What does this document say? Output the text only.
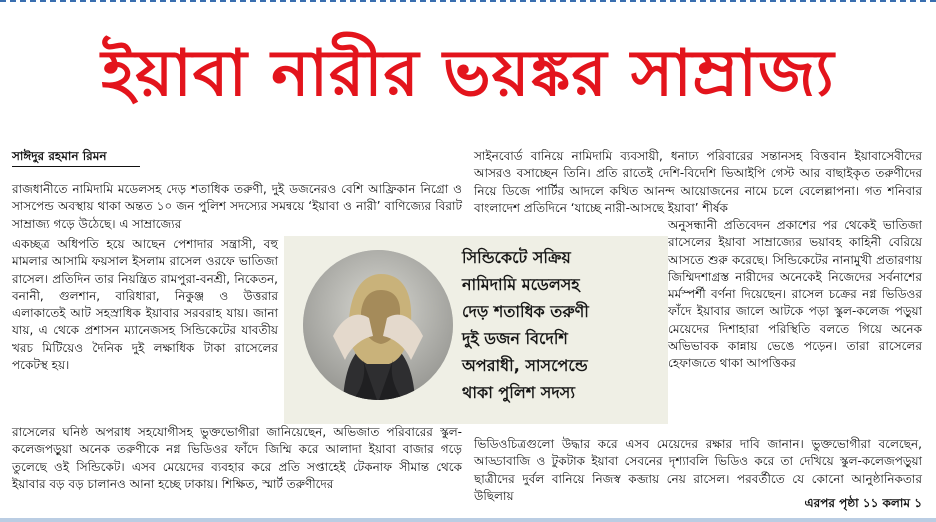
ইয়াবা নারীর ভয়ঙ্কর সাম্রাজ্য
সাঈদুর রহমান রিমন

রাজধানীতে নামিদামি মডেলসহ দেড় শতাধিক তরুণী, দুই ডজনেরও বেশি আফ্রিকান নিগ্রো ও সাসপেন্ড অবস্থায় থাকা অন্তত ১০ জন পুলিশ সদস্যের সমন্বয়ে ‘ইয়াবা ও নারী’ বাণিজ্যের বিরাট সাম্রাজ্য গড়ে উঠেছে। এ সাম্রাজ্যের

একচ্ছত্র অধিপতি হয়ে আছেন পেশাদার সন্ত্রাসী, বহু মামলার আসামি ফয়সাল ইসলাম রাসেল ওরফে ভাতিজা রাসেল। প্রতিদিন তার নিয়ন্ত্রিত রামপুরা-বনশ্রী, নিকেতন, বনানী, গুলশান, বারিধারা, নিকুঞ্জ ও উত্তরার এলাকাতেই আট সহস্রাধিক ইয়াবার সরবরাহ যায়। জানা যায়, এ থেকে প্রশাসন ম্যানেজসহ সিন্ডিকেটের যাবতীয় খরচ মিটিয়েও দৈনিক দুই লক্ষাধিক টাকা রাসেলের পকেটস্থ হয়।

রাসেলের ঘনিষ্ঠ অপরাধ সহযোগীসহ ভুক্তভোগীরা জানিয়েছেন, অভিজাত পরিবারের স্কুল-কলেজপড়ুয়া অনেক তরুণীকে নগ্ন ভিডিওর ফাঁদে জিম্মি করে আলাদা ইয়াবা বাজার গড়ে তুলেছে ওই সিন্ডিকেট। এসব মেয়েদের ব্যবহার করে প্রতি সপ্তাহেই টেকনাফ সীমান্ত থেকে ইয়াবার বড় বড় চালানও আনা হচ্ছে ঢাকায়। শিক্ষিত, স্মার্ট তরুণীদের

সাইনবোর্ড বানিয়ে নামিদামি ব্যবসায়ী, ধনাঢ্য পরিবারের সন্তানসহ বিত্তবান ইয়াবাসেবীদের আসরও বসাচ্ছেন তিনি। প্রতি রাতেই দেশি-বিদেশি ভিআইপি গেস্ট আর বাছাইকৃত তরুণীদের নিয়ে ডিজে পার্টির আদলে কথিত আনন্দ আয়োজনের নামে চলে বেলেল্লাপনা। গত শনিবার বাংলাদেশ প্রতিদিনে ‘যাচ্ছে নারী-আসছে ইয়াবা’ শীর্ষক

অনুসন্ধানী প্রতিবেদন প্রকাশের পর থেকেই ভাতিজা রাসেলের ইয়াবা সাম্রাজ্যের ভয়াবহ কাহিনী বেরিয়ে আসতে শুরু করেছে। সিন্ডিকেটের নানামুখী প্রতারণায় জিম্মিদশাগ্রস্ত নারীদের অনেকেই নিজেদের সর্বনাশের মর্মস্পর্শী বর্ণনা দিয়েছেন। রাসেল চক্রের নগ্ন ভিডিওর ফাঁদে ইয়াবার জালে আটকে পড়া স্কুল-কলেজ পড়ুয়া মেয়েদের দিশাহারা পরিস্থিতি বলতে গিয়ে অনেক অভিভাবক কান্নায় ভেঙে পড়েন। তারা রাসেলের হেফাজতে থাকা আপত্তিকর

ভিডিওচিত্রগুলো উদ্ধার করে এসব মেয়েদের রক্ষার দাবি জানান। ভুক্তভোগীরা বলেছেন, আড্ডাবাজি ও টুকটাক ইয়াবা সেবনের দৃশ্যাবলি ভিডিও করে তা দেখিয়ে স্কুল-কলেজপড়ুয়া ছাত্রীদের দুর্বল বানিয়ে নিজস্ব কব্জায় নেয় রাসেল। পরবর্তীতে যে কোনো আনুষ্ঠানিকতার উছিলায়

এরপর পৃষ্ঠা ১১ কলাম ১
সিন্ডিকেটে সক্রিয়
নামিদামি মডেলসহ
দেড় শতাধিক তরুণী
দুই ডজন বিদেশি
অপরাধী, সাসপেন্ডে
থাকা পুলিশ সদস্য
